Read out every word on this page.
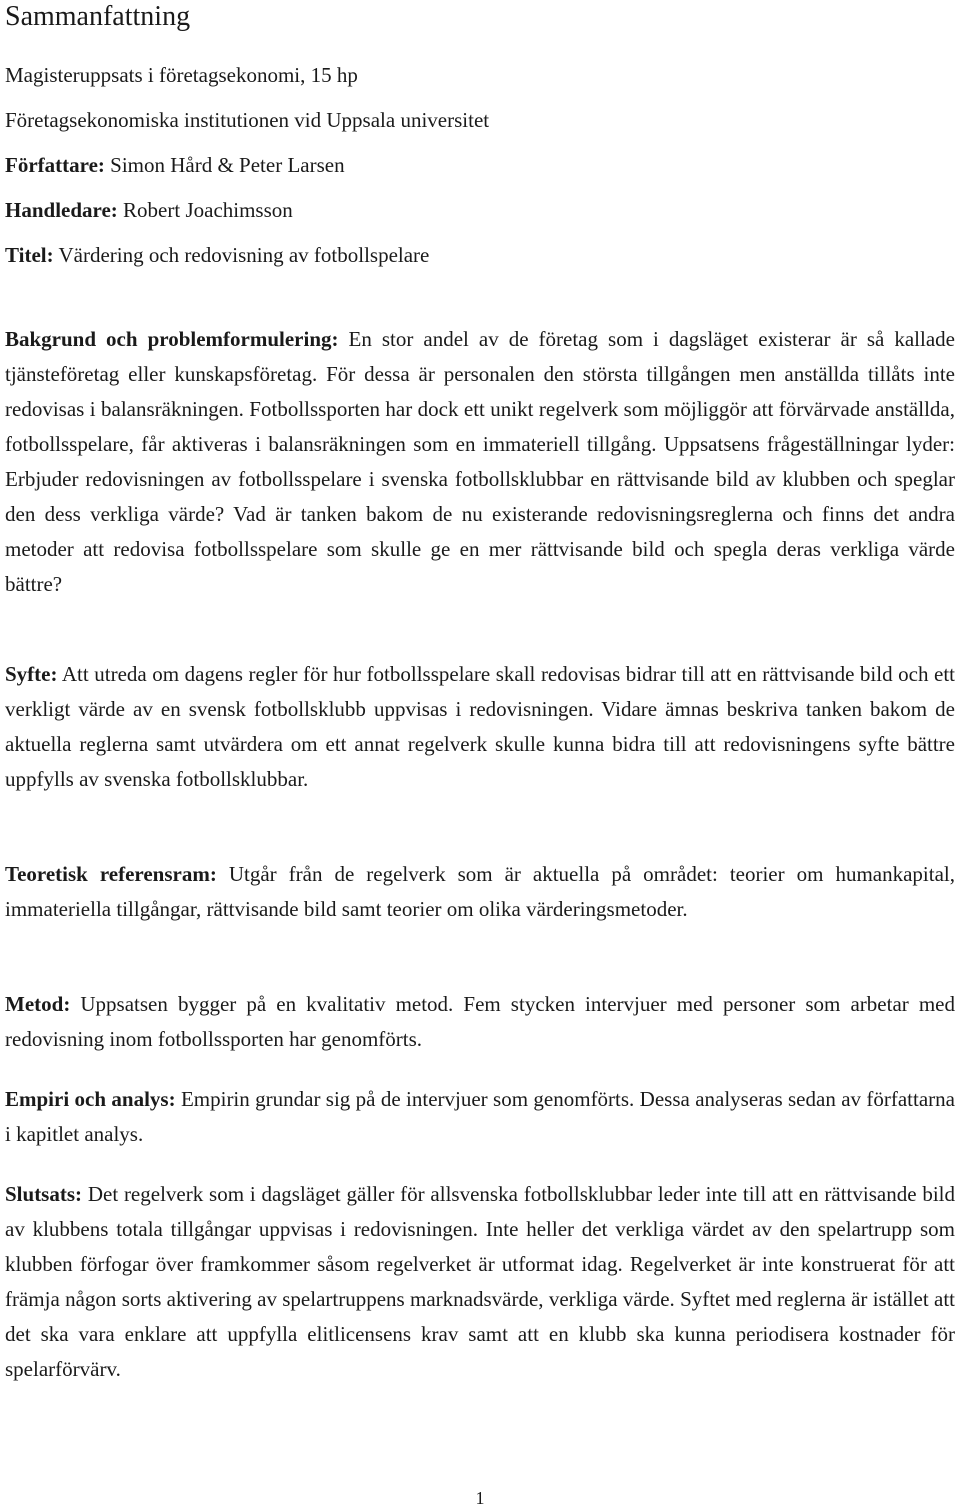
Sammanfattning

Magisteruppsats i företagsekonomi, 15 hp

Företagsekonomiska institutionen vid Uppsala universitet

Författare: Simon Hård & Peter Larsen

Handledare: Robert Joachimsson

Titel: Värdering och redovisning av fotbollspelare

Bakgrund och problemformulering: En stor andel av de företag som i dagsläget existerar är så kallade tjänsteföretag eller kunskapsföretag. För dessa är personalen den största tillgången men anställda tillåts inte redovisas i balansräkningen. Fotbollssporten har dock ett unikt regelverk som möjliggör att förvärvade anställda, fotbollsspelare, får aktiveras i balansräkningen som en immateriell tillgång. Uppsatsens frågeställningar lyder: Erbjuder redovisningen av fotbollsspelare i svenska fotbollsklubbar en rättvisande bild av klubben och speglar den dess verkliga värde? Vad är tanken bakom de nu existerande redovisningsreglerna och finns det andra metoder att redovisa fotbollsspelare som skulle ge en mer rättvisande bild och spegla deras verkliga värde bättre?

Syfte: Att utreda om dagens regler för hur fotbollsspelare skall redovisas bidrar till att en rättvisande bild och ett verkligt värde av en svensk fotbollsklubb uppvisas i redovisningen. Vidare ämnas beskriva tanken bakom de aktuella reglerna samt utvärdera om ett annat regelverk skulle kunna bidra till att redovisningens syfte bättre uppfylls av svenska fotbollsklubbar.

Teoretisk referensram: Utgår från de regelverk som är aktuella på området: teorier om humankapital, immateriella tillgångar, rättvisande bild samt teorier om olika värderingsmetoder.

Metod: Uppsatsen bygger på en kvalitativ metod. Fem stycken intervjuer med personer som arbetar med redovisning inom fotbollssporten har genomförts.

Empiri och analys: Empirin grundar sig på de intervjuer som genomförts. Dessa analyseras sedan av författarna i kapitlet analys.

Slutsats: Det regelverk som i dagsläget gäller för allsvenska fotbollsklubbar leder inte till att en rättvisande bild av klubbens totala tillgångar uppvisas i redovisningen. Inte heller det verkliga värdet av den spelartrupp som klubben förfogar över framkommer såsom regelverket är utformat idag. Regelverket är inte konstruerat för att främja någon sorts aktivering av spelartruppens marknadsvärde, verkliga värde. Syftet med reglerna är istället att det ska vara enklare att uppfylla elitlicensens krav samt att en klubb ska kunna periodisera kostnader för spelarförvärv.

1
